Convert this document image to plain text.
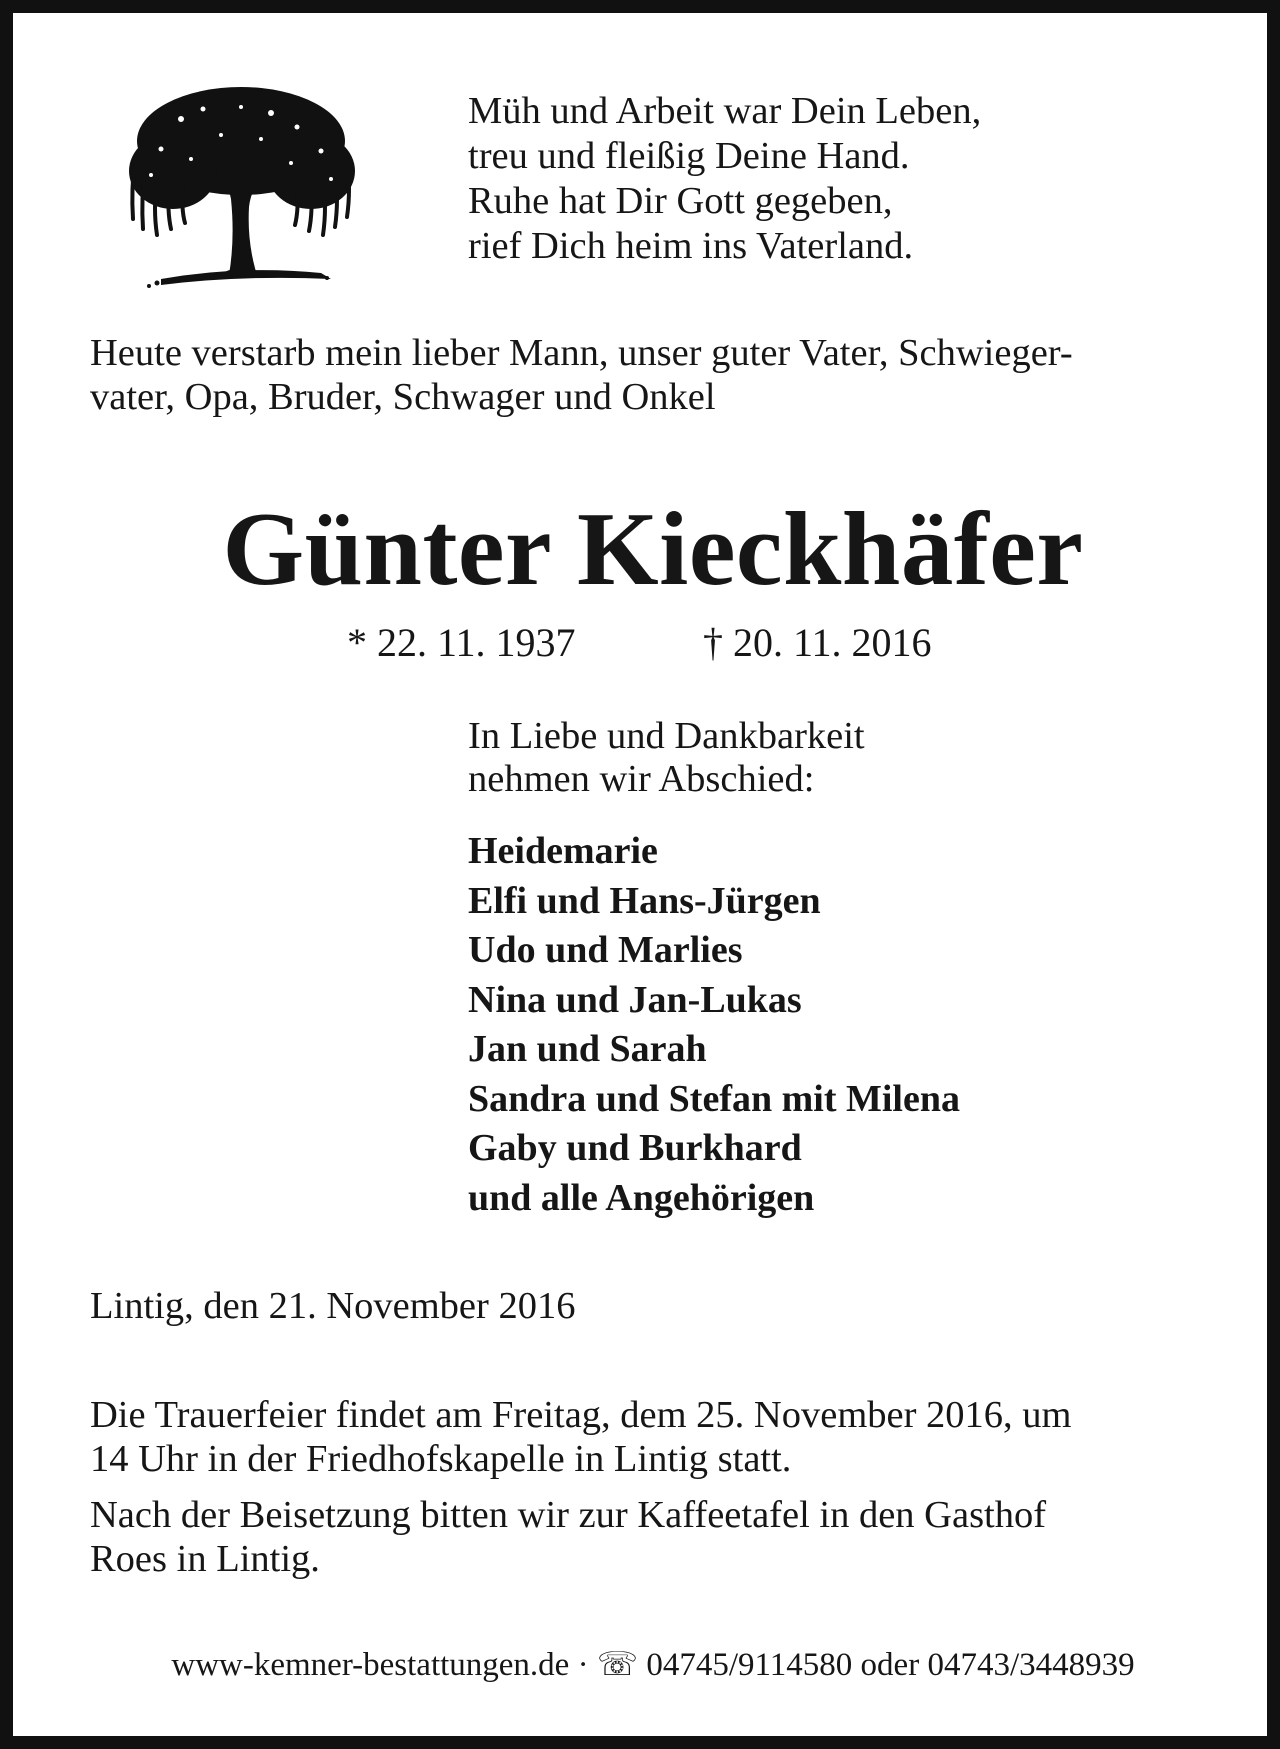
Müh und Arbeit war Dein Leben,
treu und fleißig Deine Hand.
Ruhe hat Dir Gott gegeben,
rief Dich heim ins Vaterland.
Heute verstarb mein lieber Mann, unser guter Vater, Schwieger-
vater, Opa, Bruder, Schwager und Onkel
Günter Kieckhäfer
* 22. 11. 1937	† 20. 11. 2016
In Liebe und Dankbarkeit
nehmen wir Abschied:
Heidemarie
Elfi und Hans-Jürgen
Udo und Marlies
Nina und Jan-Lukas
Jan und Sarah
Sandra und Stefan mit Milena
Gaby und Burkhard
und alle Angehörigen
Lintig, den 21. November 2016
Die Trauerfeier findet am Freitag, dem 25. November 2016, um
14 Uhr in der Friedhofskapelle in Lintig statt.
Nach der Beisetzung bitten wir zur Kaffeetafel in den Gasthof
Roes in Lintig.
www-kemner-bestattungen.de · ☏ 04745/9114580 oder 04743/3448939
